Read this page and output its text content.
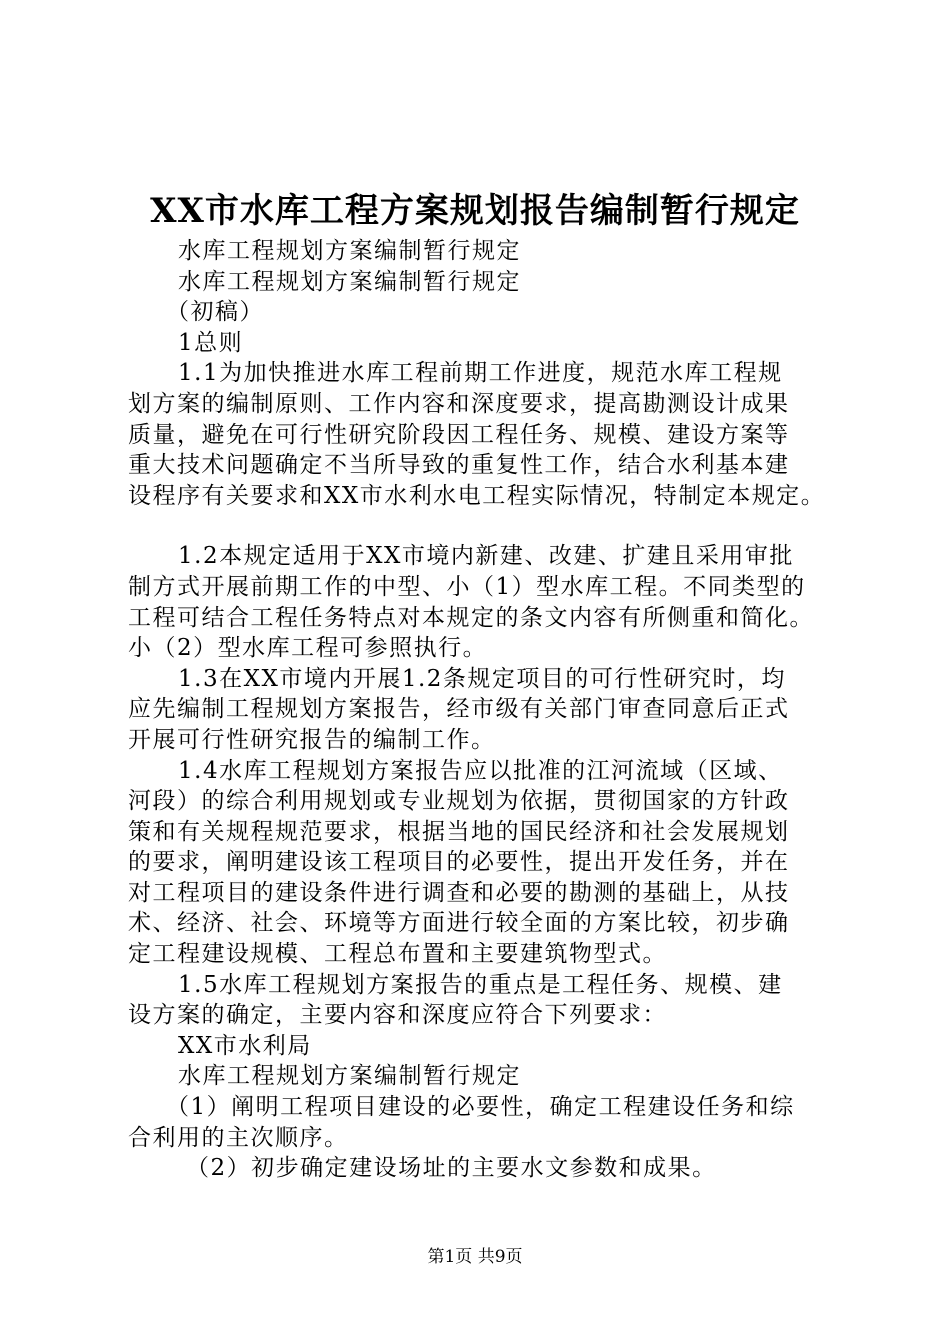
XX市水库工程方案规划报告编制暂行规定
水库工程规划方案编制暂行规定
水库工程规划方案编制暂行规定
（初稿）
1总则
1.1为加快推进水库工程前期工作进度，规范水库工程规
划方案的编制原则、工作内容和深度要求，提高勘测设计成果
质量，避免在可行性研究阶段因工程任务、规模、建设方案等
重大技术问题确定不当所导致的重复性工作，结合水利基本建
设程序有关要求和XX市水利水电工程实际情况，特制定本规定。
1.2本规定适用于XX市境内新建、改建、扩建且采用审批
制方式开展前期工作的中型、小（1）型水库工程。不同类型的
工程可结合工程任务特点对本规定的条文内容有所侧重和简化。
小（2）型水库工程可参照执行。
1.3在XX市境内开展1.2条规定项目的可行性研究时，均
应先编制工程规划方案报告，经市级有关部门审查同意后正式
开展可行性研究报告的编制工作。
1.4水库工程规划方案报告应以批准的江河流域（区域、
河段）的综合利用规划或专业规划为依据，贯彻国家的方针政
策和有关规程规范要求，根据当地的国民经济和社会发展规划
的要求，阐明建设该工程项目的必要性，提出开发任务，并在
对工程项目的建设条件进行调查和必要的勘测的基础上，从技
术、经济、社会、环境等方面进行较全面的方案比较，初步确
定工程建设规模、工程总布置和主要建筑物型式。
1.5水库工程规划方案报告的重点是工程任务、规模、建
设方案的确定，主要内容和深度应符合下列要求：
XX市水利局
水库工程规划方案编制暂行规定
（1）阐明工程项目建设的必要性，确定工程建设任务和综
合利用的主次顺序。
（2）初步确定建设场址的主要水文参数和成果。
第1页 共9页
